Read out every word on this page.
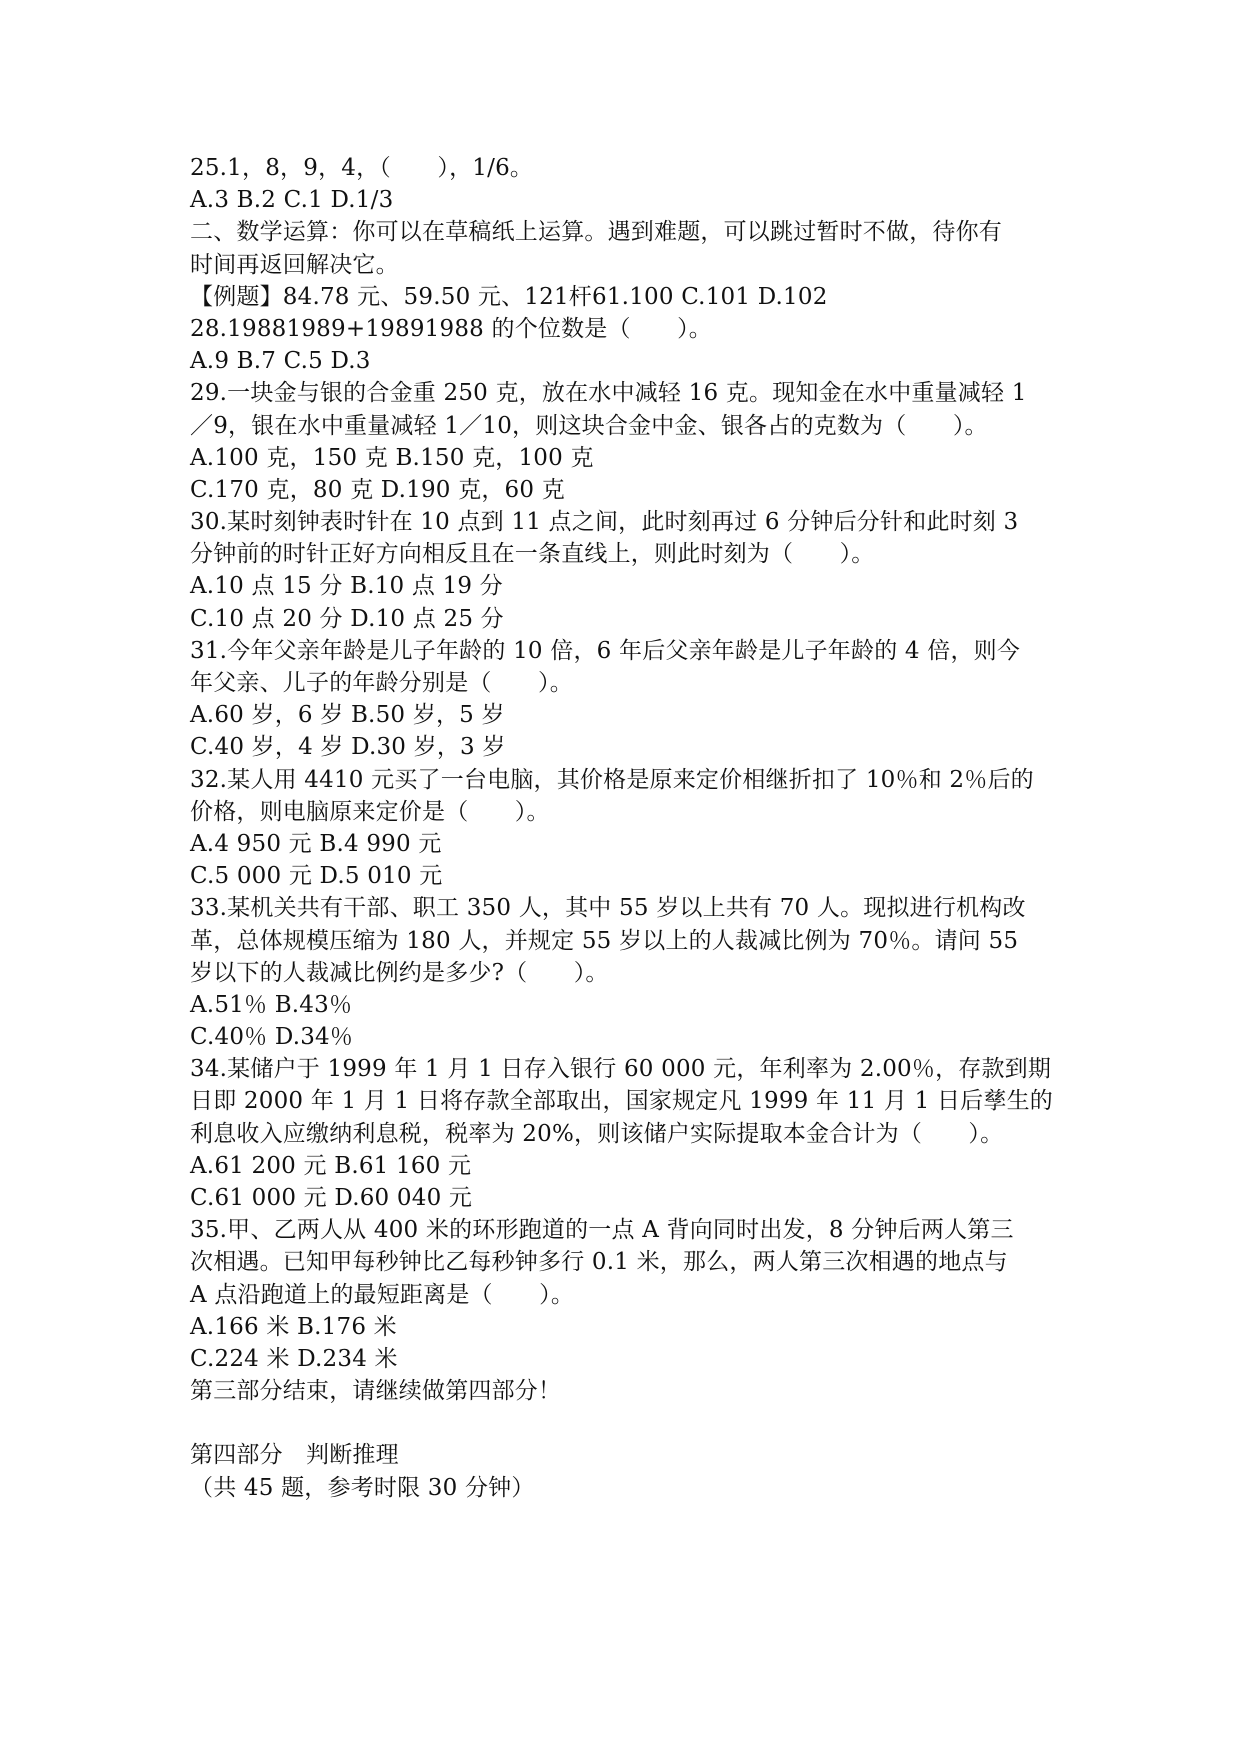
25.1，8，9，4，（　　），1/6。
A.3 B.2 C.1 D.1/3
二、数学运算：你可以在草稿纸上运算。遇到难题，可以跳过暂时不做，待你有
时间再返回解决它。
【例题】84.78 元、59.50 元、121杆61.100 C.101 D.102
28.19881989+19891988 的个位数是（　　）。
A.9 B.7 C.5 D.3
29.一块金与银的合金重 250 克，放在水中减轻 16 克。现知金在水中重量减轻 1
／9，银在水中重量减轻 1／10，则这块合金中金、银各占的克数为（　　）。
A.100 克，150 克 B.150 克，100 克
C.170 克，80 克 D.190 克，60 克
30.某时刻钟表时针在 10 点到 11 点之间，此时刻再过 6 分钟后分针和此时刻 3
分钟前的时针正好方向相反且在一条直线上，则此时刻为（　　）。
A.10 点 15 分 B.10 点 19 分
C.10 点 20 分 D.10 点 25 分
31.今年父亲年龄是儿子年龄的 10 倍，6 年后父亲年龄是儿子年龄的 4 倍，则今
年父亲、儿子的年龄分别是（　　）。
A.60 岁，6 岁 B.50 岁，5 岁
C.40 岁，4 岁 D.30 岁，3 岁
32.某人用 4410 元买了一台电脑，其价格是原来定价相继折扣了 10％和 2％后的
价格，则电脑原来定价是（　　）。
A.4 950 元 B.4 990 元
C.5 000 元 D.5 010 元
33.某机关共有干部、职工 350 人，其中 55 岁以上共有 70 人。现拟进行机构改
革，总体规模压缩为 180 人，并规定 55 岁以上的人裁减比例为 70％。请问 55
岁以下的人裁减比例约是多少?（　　）。
A.51％ B.43％
C.40％ D.34％
34.某储户于 1999 年 1 月 1 日存入银行 60 000 元，年利率为 2.00％，存款到期
日即 2000 年 1 月 1 日将存款全部取出，国家规定凡 1999 年 11 月 1 日后孳生的
利息收入应缴纳利息税，税率为 20%，则该储户实际提取本金合计为（　　）。
A.61 200 元 B.61 160 元
C.61 000 元 D.60 040 元
35.甲、乙两人从 400 米的环形跑道的一点 A 背向同时出发，8 分钟后两人第三
次相遇。已知甲每秒钟比乙每秒钟多行 0.1 米，那么，两人第三次相遇的地点与
A 点沿跑道上的最短距离是（　　）。
A.166 米 B.176 米
C.224 米 D.234 米
第三部分结束，请继续做第四部分！
第四部分　判断推理
（共 45 题，参考时限 30 分钟）
